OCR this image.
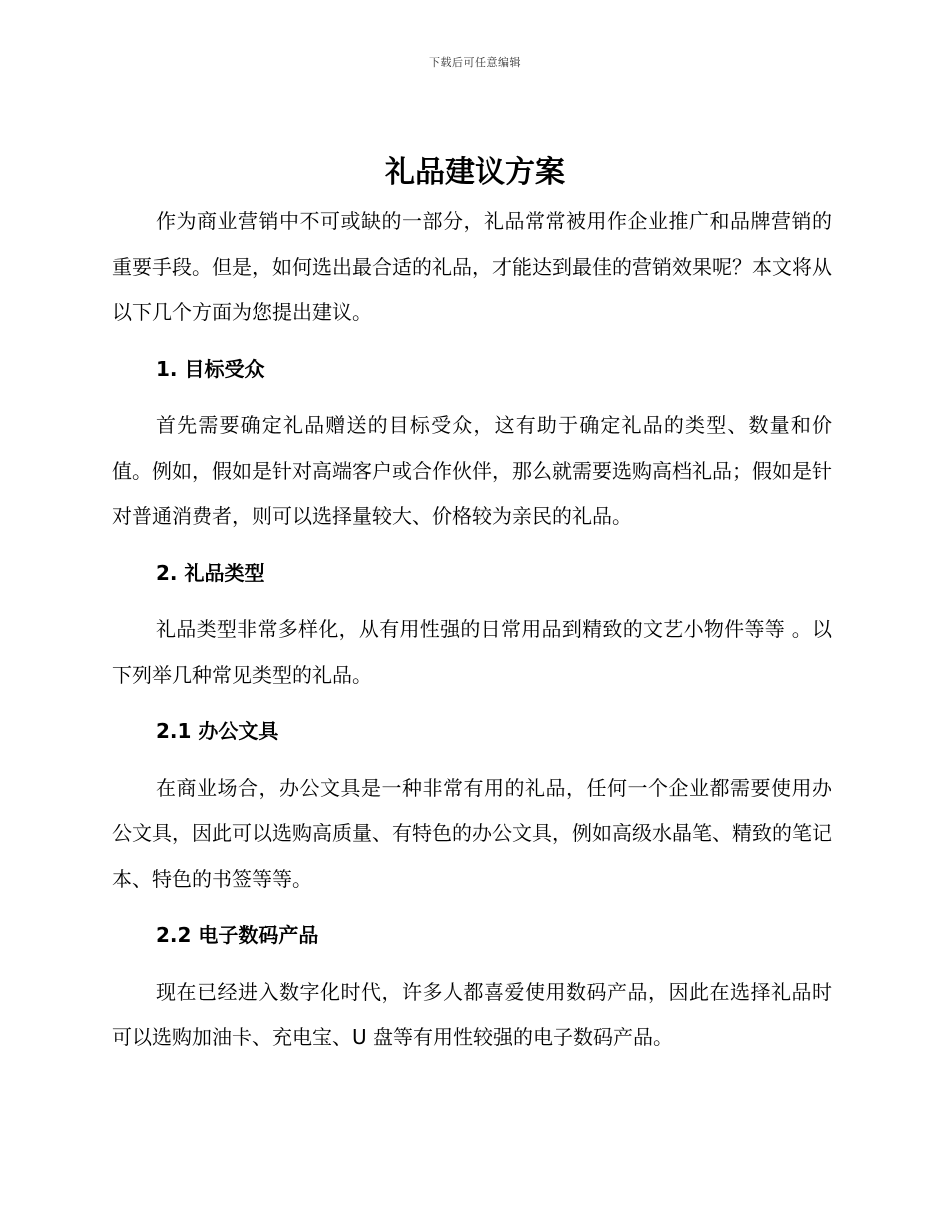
下载后可任意编辑
礼品建议方案

作为商业营销中不可或缺的一部分，礼品常常被用作企业推广和品牌营销的重要手段。但是，如何选出最合适的礼品，才能达到最佳的营销效果呢？本文将从以下几个方面为您提出建议。

1. 目标受众

首先需要确定礼品赠送的目标受众，这有助于确定礼品的类型、数量和价值。例如，假如是针对高端客户或合作伙伴，那么就需要选购高档礼品；假如是针对普通消费者，则可以选择量较大、价格较为亲民的礼品。

2. 礼品类型

礼品类型非常多样化，从有用性强的日常用品到精致的文艺小物件等等 。以下列举几种常见类型的礼品。

2.1 办公文具

在商业场合，办公文具是一种非常有用的礼品，任何一个企业都需要使用办公文具，因此可以选购高质量、有特色的办公文具，例如高级水晶笔、精致的笔记本、特色的书签等等。

2.2 电子数码产品

现在已经进入数字化时代，许多人都喜爱使用数码产品，因此在选择礼品时可以选购加油卡、充电宝、U 盘等有用性较强的电子数码产品。
